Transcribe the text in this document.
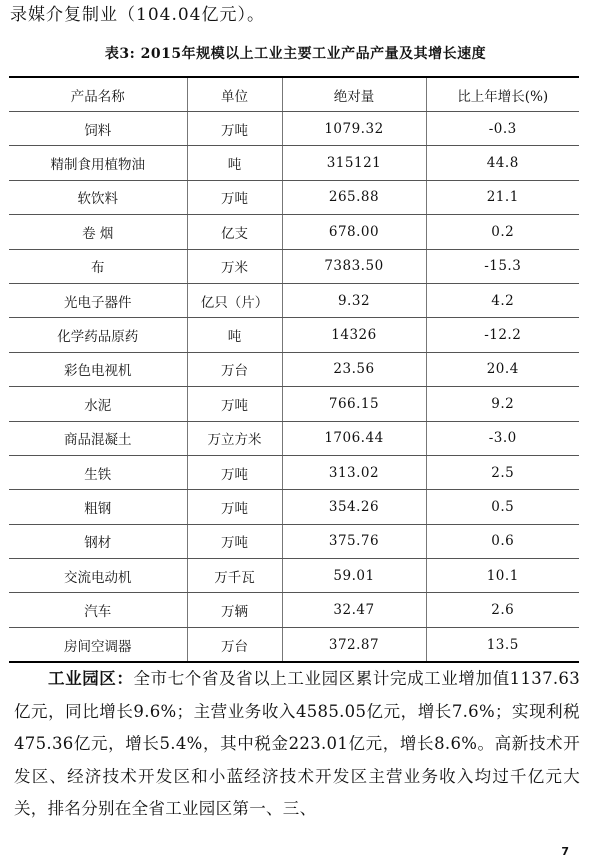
录媒介复制业（104.04亿元）。
表3: 2015年规模以上工业主要工业产品产量及其增长速度
产品名称	单位	绝对量	比上年增长(%)
饲料	万吨	1079.32	-0.3
精制食用植物油	吨	315121	44.8
软饮料	万吨	265.88	21.1
卷 烟	亿支	678.00	0.2
布	万米	7383.50	-15.3
光电子器件	亿只（片）	9.32	4.2
化学药品原药	吨	14326	-12.2
彩色电视机	万台	23.56	20.4
水泥	万吨	766.15	9.2
商品混凝土	万立方米	1706.44	-3.0
生铁	万吨	313.02	2.5
粗钢	万吨	354.26	0.5
钢材	万吨	375.76	0.6
交流电动机	万千瓦	59.01	10.1
汽车	万辆	32.47	2.6
房间空调器	万台	372.87	13.5
工业园区：全市七个省及省以上工业园区累计完成工业增加值1137.63亿元，同比增长9.6%；主营业务收入4585.05亿元，增长7.6%；实现利税475.36亿元，增长5.4%，其中税金223.01亿元，增长8.6%。高新技术开发区、经济技术开发区和小蓝经济技术开发区主营业务收入均过千亿元大关，排名分别在全省工业园区第一、三、
7
